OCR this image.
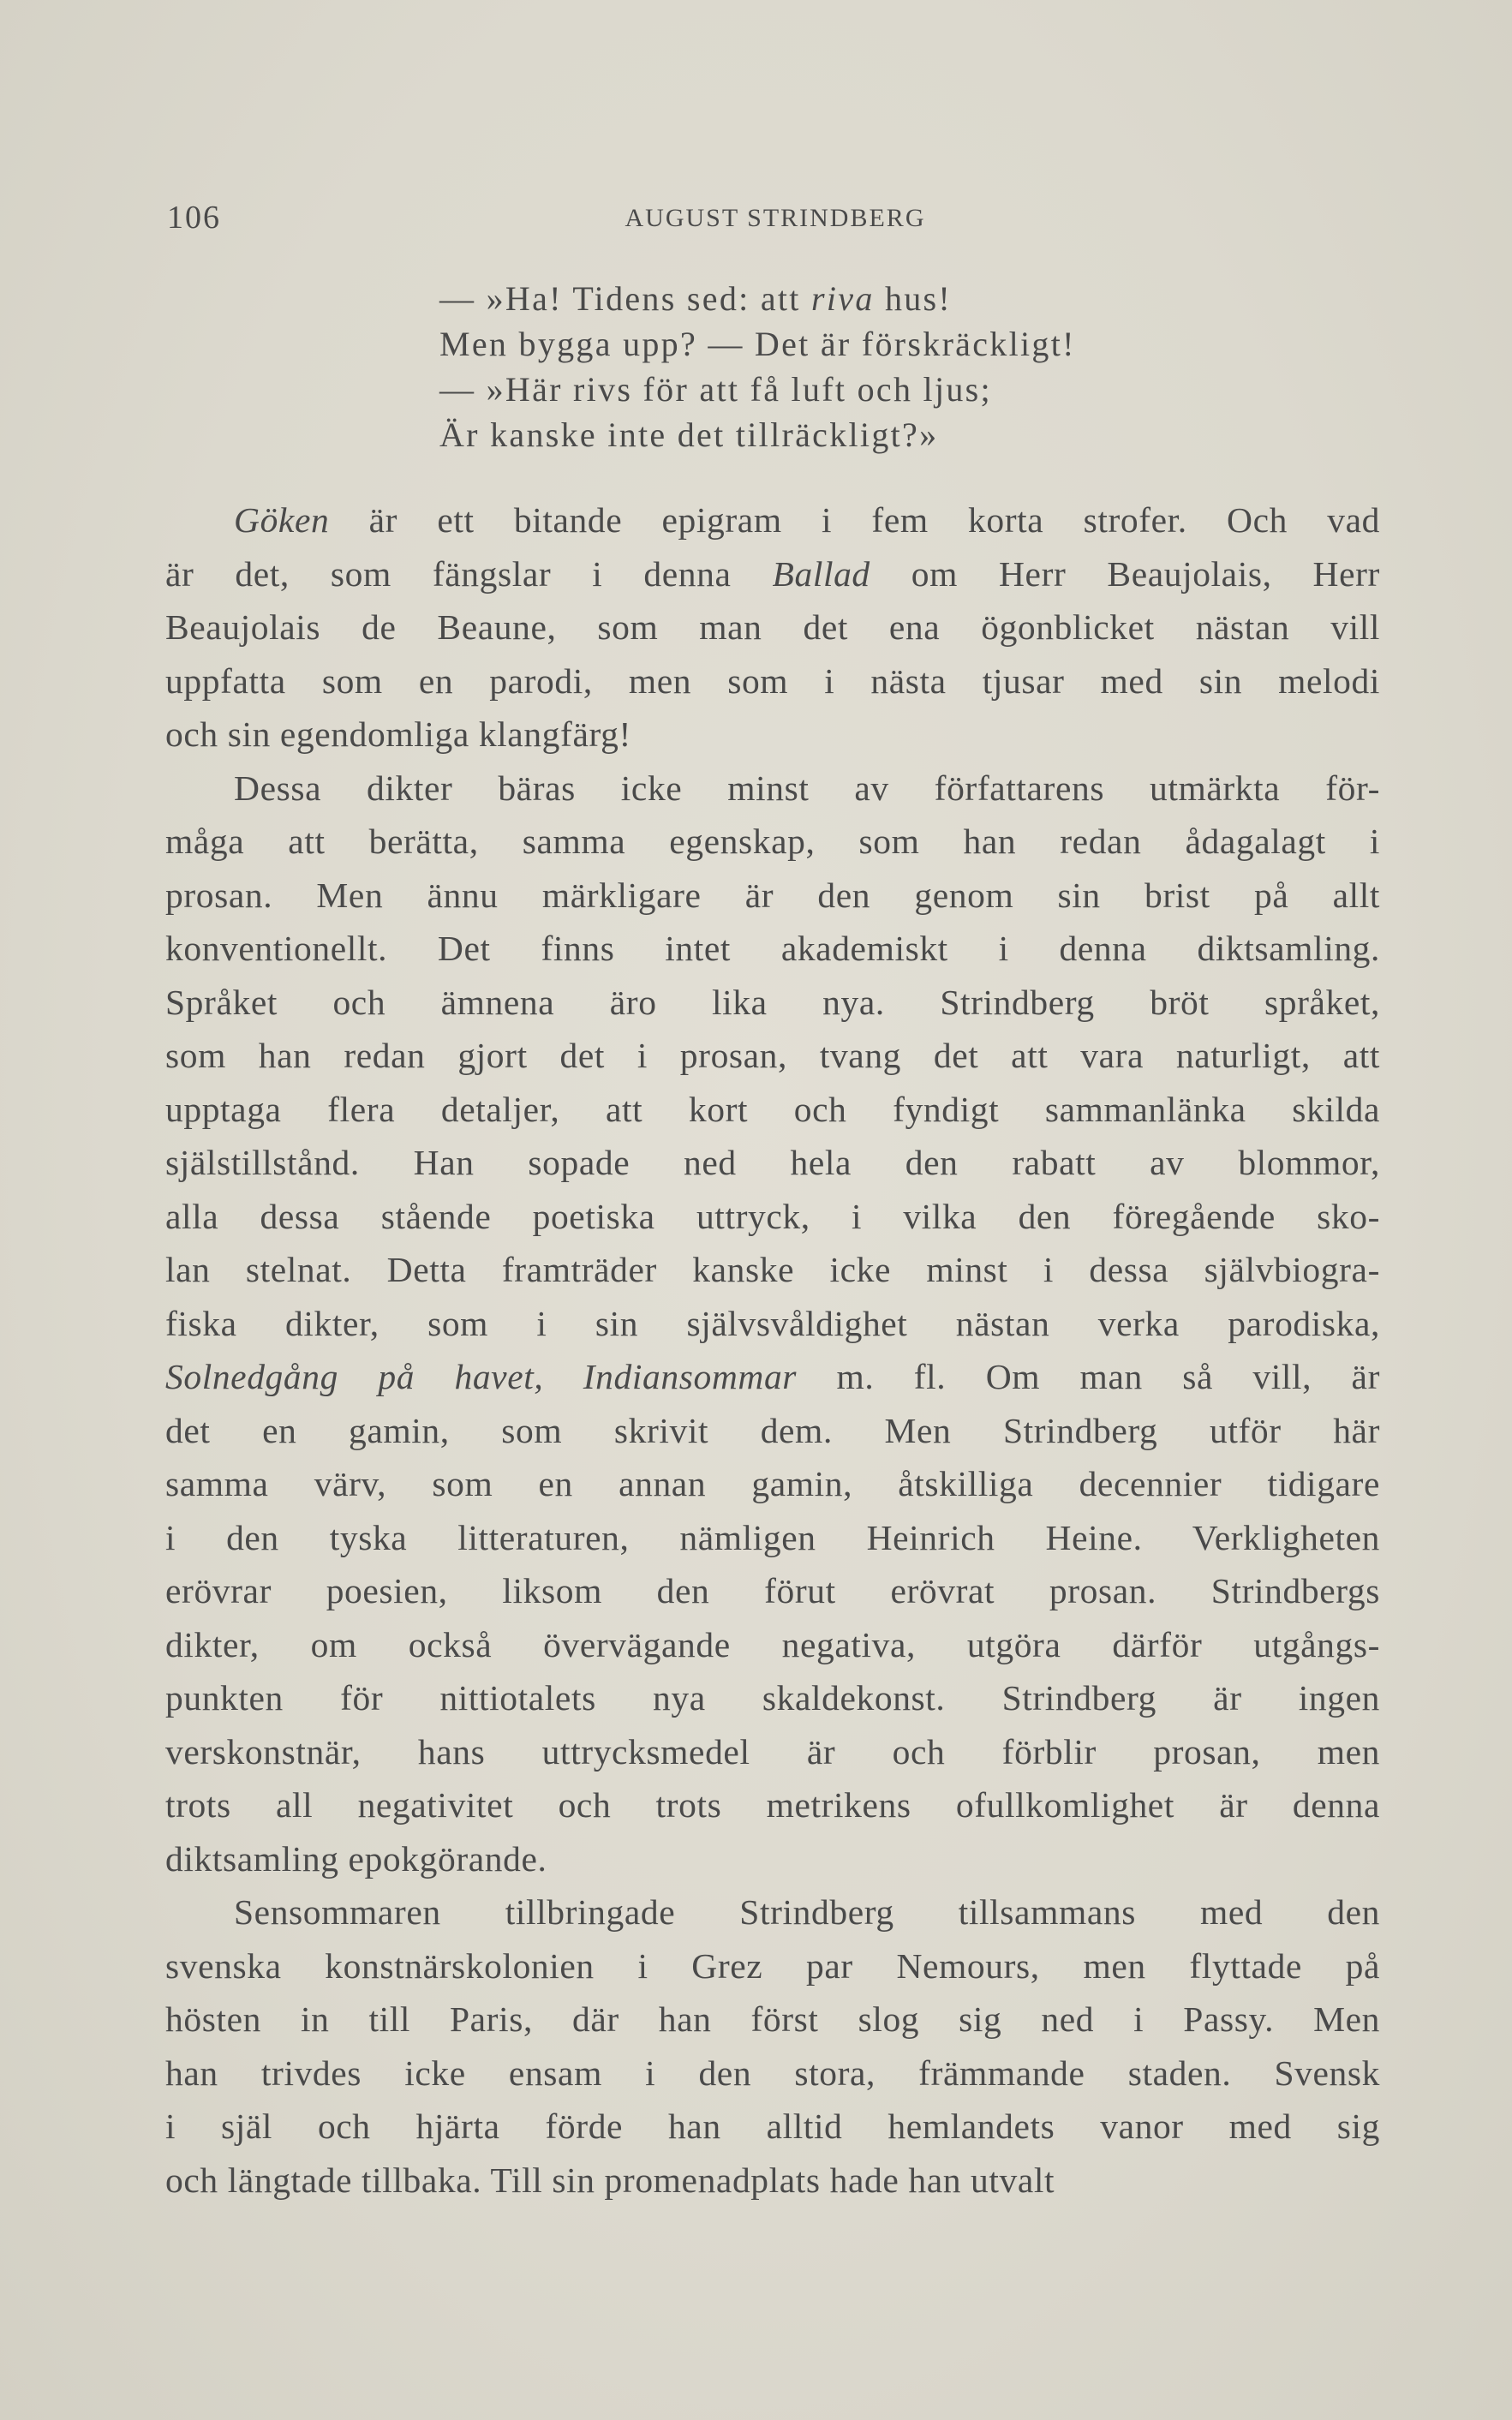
106	AUGUST STRINDBERG
— »Ha! Tidens sed: att riva hus!
Men bygga upp? — Det är förskräckligt!
— »Här rivs för att få luft och ljus;
Är kanske inte det tillräckligt?»
Göken är ett bitande epigram i fem korta strofer. Och vad
är det, som fängslar i denna Ballad om Herr Beaujolais, Herr
Beaujolais de Beaune, som man det ena ögonblicket nästan vill
uppfatta som en parodi, men som i nästa tjusar med sin melodi
och sin egendomliga klangfärg!
Dessa dikter bäras icke minst av författarens utmärkta för-
måga att berätta, samma egenskap, som han redan ådagalagt i
prosan. Men ännu märkligare är den genom sin brist på allt
konventionellt. Det finns intet akademiskt i denna diktsamling.
Språket och ämnena äro lika nya. Strindberg bröt språket,
som han redan gjort det i prosan, tvang det att vara naturligt, att
upptaga flera detaljer, att kort och fyndigt sammanlänka skilda
själstillstånd. Han sopade ned hela den rabatt av blommor,
alla dessa stående poetiska uttryck, i vilka den föregående sko-
lan stelnat. Detta framträder kanske icke minst i dessa självbiogra-
fiska dikter, som i sin självsvåldighet nästan verka parodiska,
Solnedgång på havet, Indiansommar m. fl. Om man så vill, är
det en gamin, som skrivit dem. Men Strindberg utför här
samma värv, som en annan gamin, åtskilliga decennier tidigare
i den tyska litteraturen, nämligen Heinrich Heine. Verkligheten
erövrar poesien, liksom den förut erövrat prosan. Strindbergs
dikter, om också övervägande negativa, utgöra därför utgångs-
punkten för nittiotalets nya skaldekonst. Strindberg är ingen
verskonstnär, hans uttrycksmedel är och förblir prosan, men
trots all negativitet och trots metrikens ofullkomlighet är denna
diktsamling epokgörande.
Sensommaren tillbringade Strindberg tillsammans med den
svenska konstnärskolonien i Grez par Nemours, men flyttade på
hösten in till Paris, där han först slog sig ned i Passy. Men
han trivdes icke ensam i den stora, främmande staden. Svensk
i själ och hjärta förde han alltid hemlandets vanor med sig
och längtade tillbaka. Till sin promenadplats hade han utvalt
